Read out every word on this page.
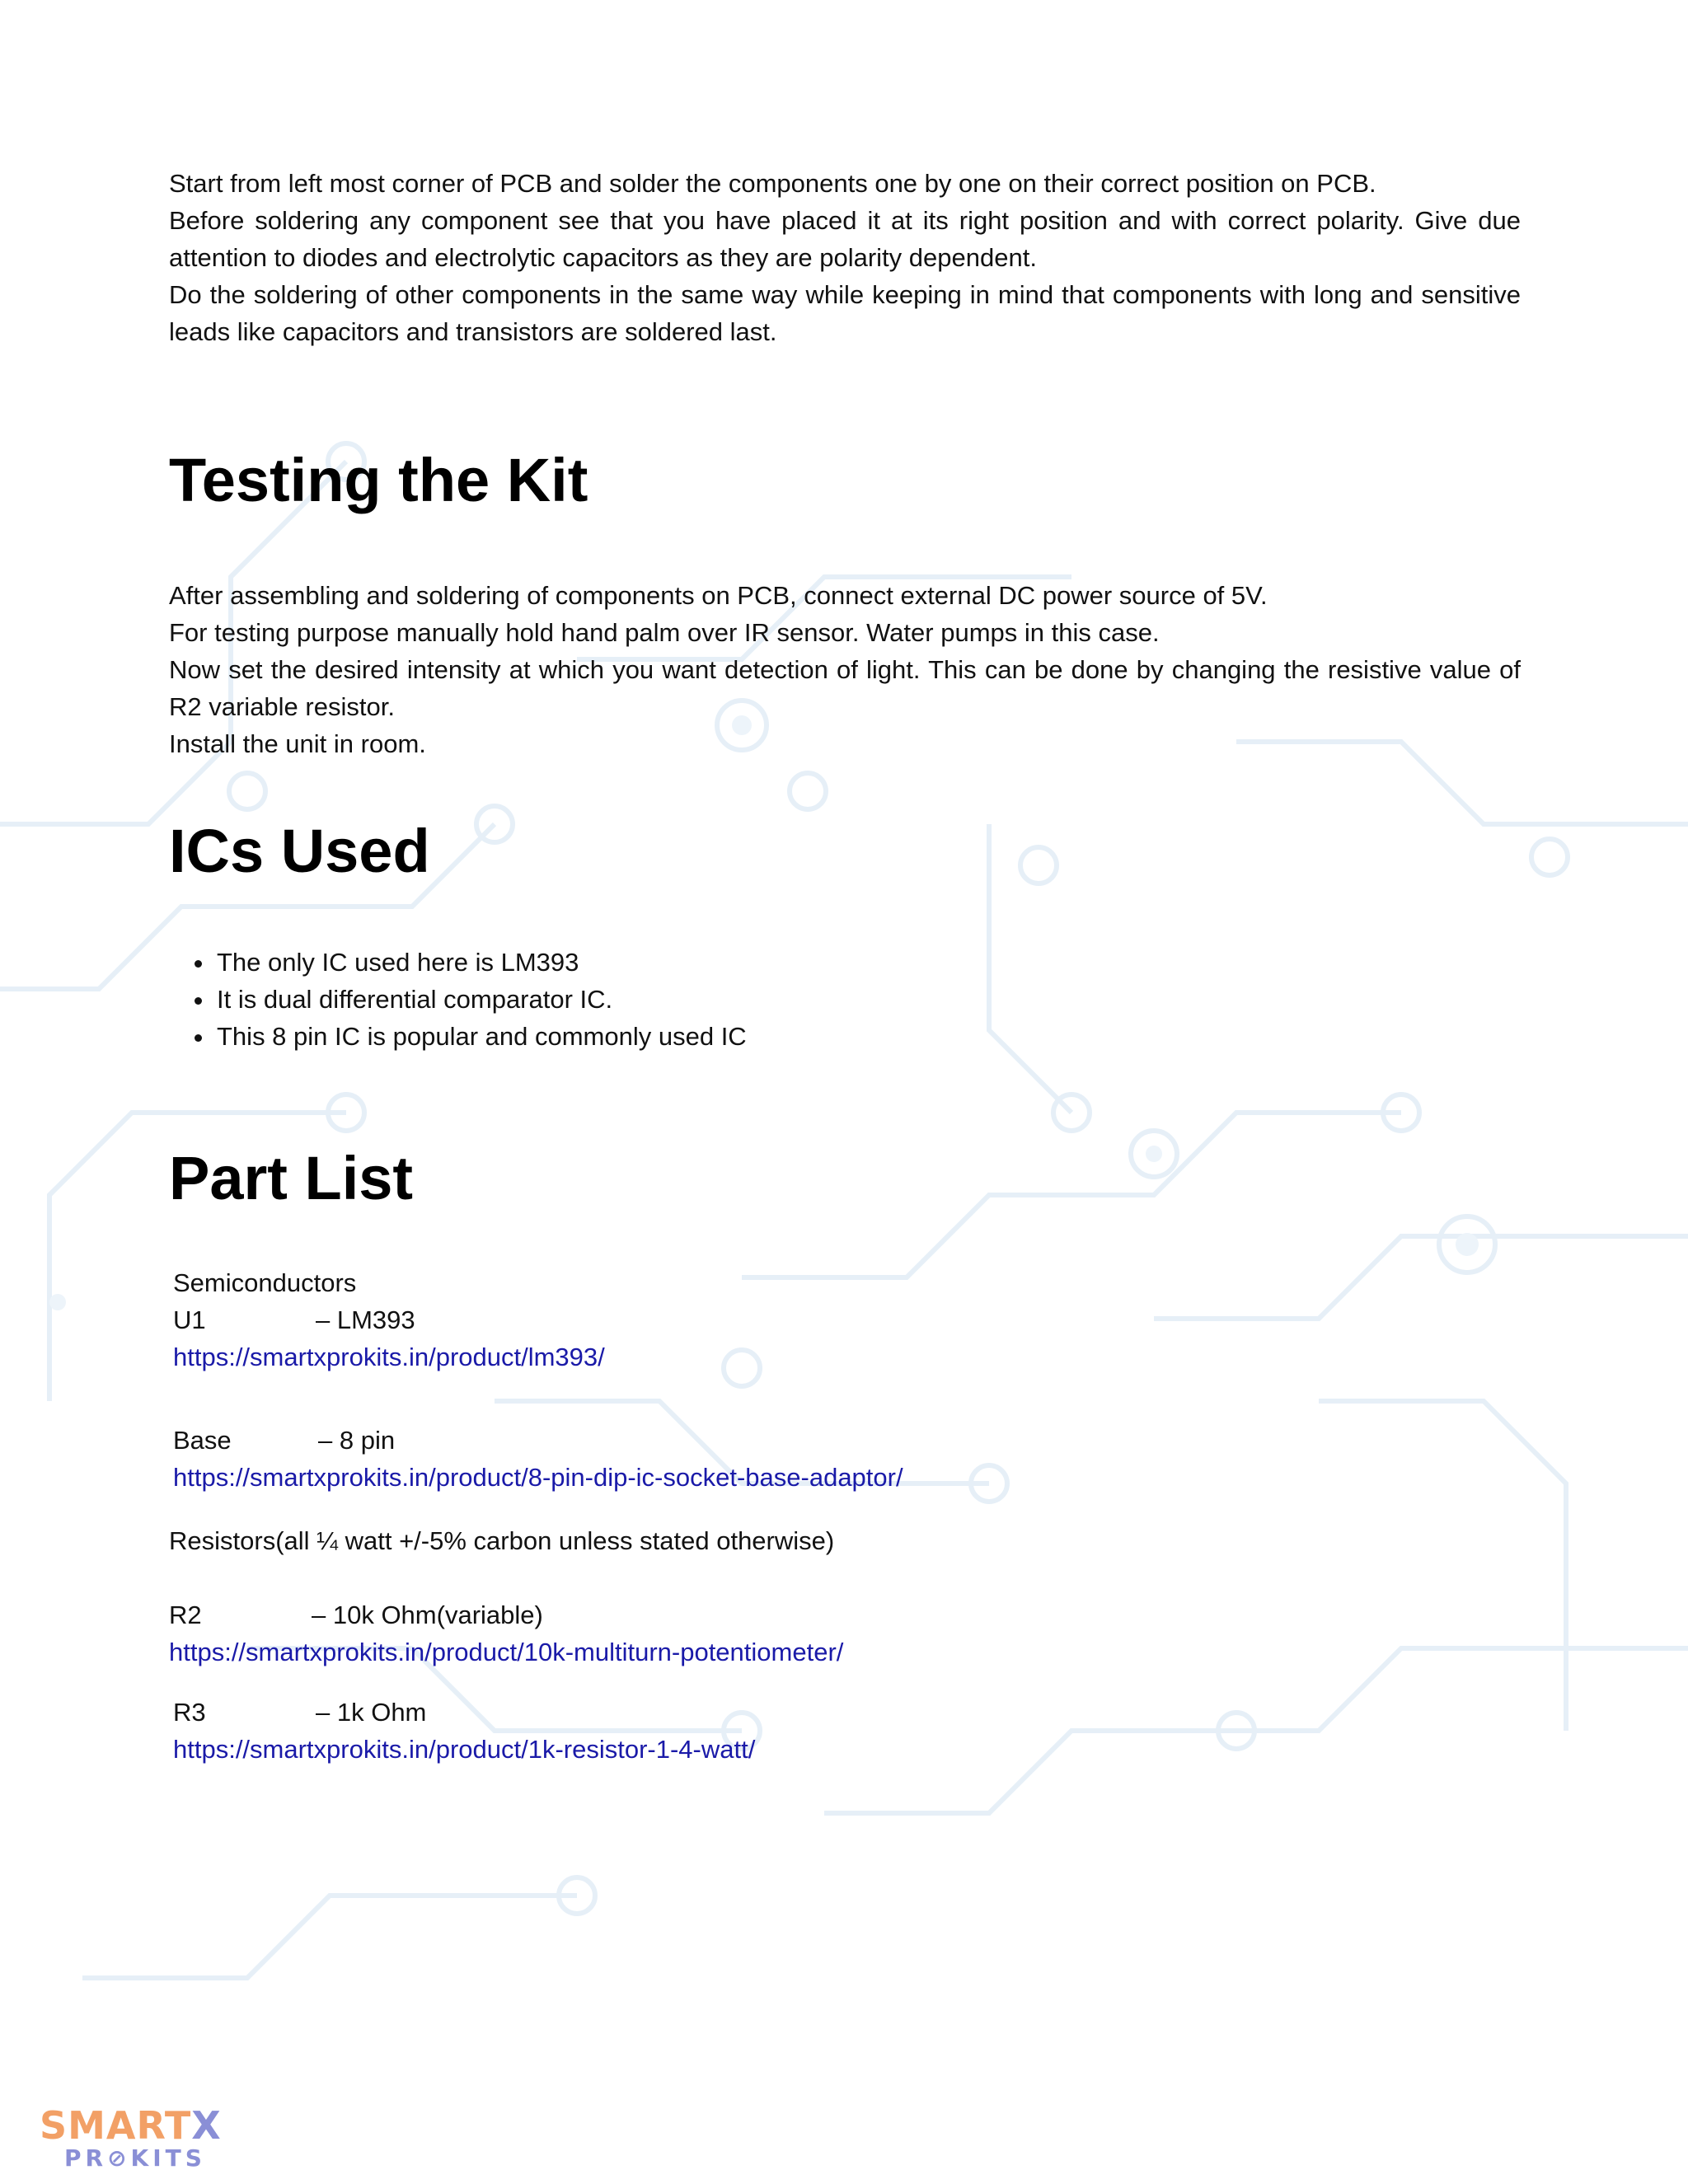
Start from left most corner of PCB and solder the components one by one on their correct position on PCB.

Before soldering any component see that you have placed it at its right position and with correct polarity. Give due attention to diodes and electrolytic capacitors as they are polarity dependent.

Do the soldering of other components in the same way while keeping in mind that components with long and sensitive leads like capacitors and transistors are soldered last.

Testing the Kit

After assembling and soldering of components on PCB, connect external DC power source of 5V.

For testing purpose manually hold hand palm over IR sensor. Water pumps in this case.

Now set the desired intensity at which you want detection of light. This can be done by changing the resistive value of R2 variable resistor.

Install the unit in room.

ICs Used
• The only IC used here is LM393
• It is dual differential comparator IC.
• This 8 pin IC is popular and commonly used IC
Part List
Semiconductors
U1	– LM393
https://smartxprokits.in/product/lm393/
Base	– 8 pin
https://smartxprokits.in/product/8-pin-dip-ic-socket-base-adaptor/
Resistors(all ¼ watt +/-5% carbon unless stated otherwise)
R2	– 10k Ohm(variable)
https://smartxprokits.in/product/10k-multiturn-potentiometer/
R3	– 1k Ohm
https://smartxprokits.in/product/1k-resistor-1-4-watt/
SMARTX
PR⊘KITS
